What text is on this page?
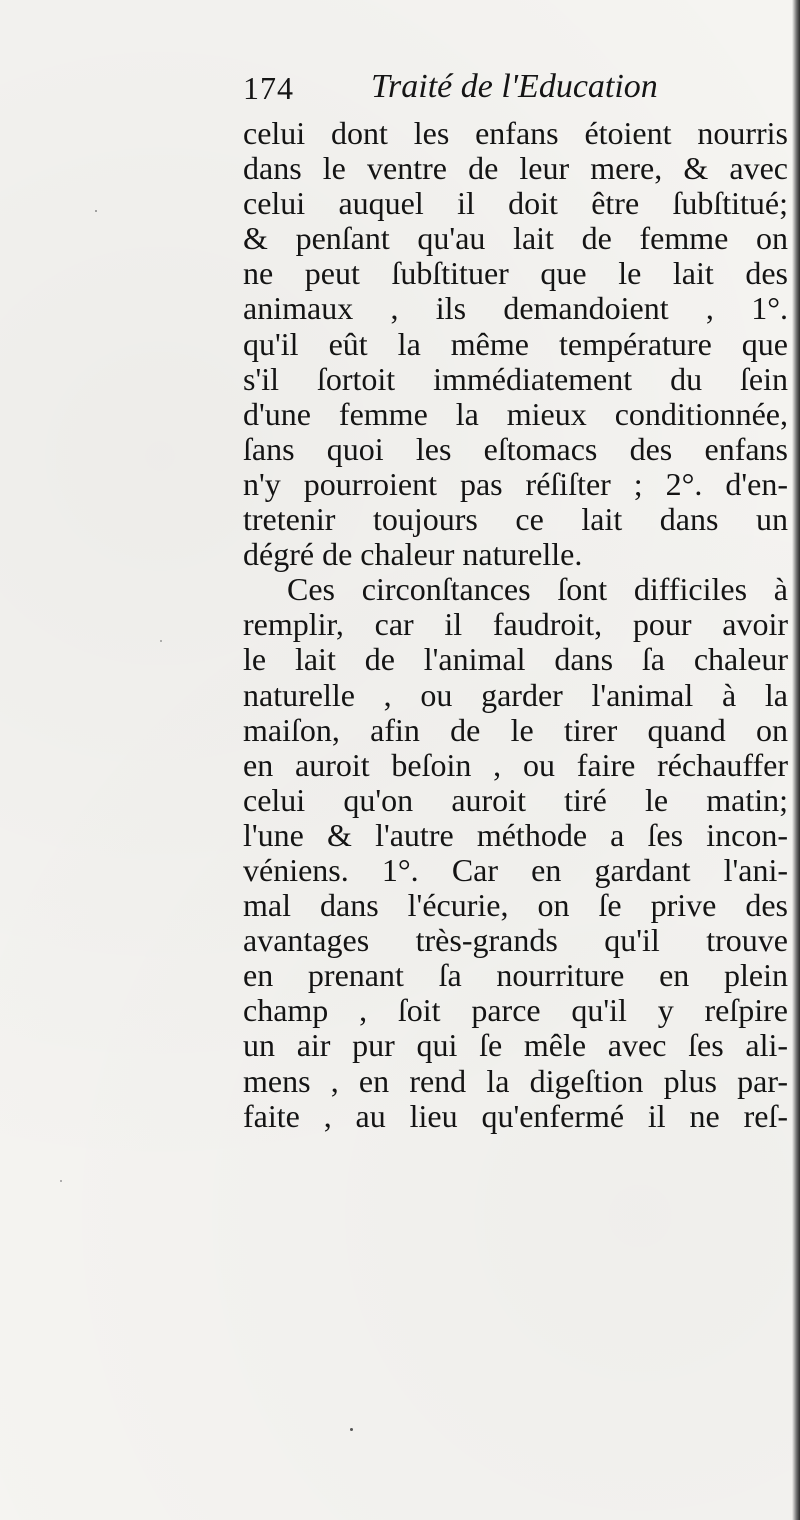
174 Traité de l'Education
celui dont les enfans étoient nourris
dans le ventre de leur mere, & avec
celui auquel il doit être ſubſtitué;
& penſant qu'au lait de femme on
ne peut ſubſtituer que le lait des
animaux , ils demandoient , 1°.
qu'il eût la même température que
s'il ſortoit immédiatement du ſein
d'une femme la mieux conditionnée,
ſans quoi les eſtomacs des enfans
n'y pourroient pas réſiſter ; 2°. d'en-
tretenir toujours ce lait dans un
dégré de chaleur naturelle.
Ces circonſtances ſont difficiles à
remplir, car il faudroit, pour avoir
le lait de l'animal dans ſa chaleur
naturelle , ou garder l'animal à la
maiſon, afin de le tirer quand on
en auroit beſoin , ou faire réchauffer
celui qu'on auroit tiré le matin;
l'une & l'autre méthode a ſes incon-
véniens. 1°. Car en gardant l'ani-
mal dans l'écurie, on ſe prive des
avantages très-grands qu'il trouve
en prenant ſa nourriture en plein
champ , ſoit parce qu'il y reſpire
un air pur qui ſe mêle avec ſes ali-
mens , en rend la digeſtion plus par-
faite , au lieu qu'enfermé il ne reſ-
